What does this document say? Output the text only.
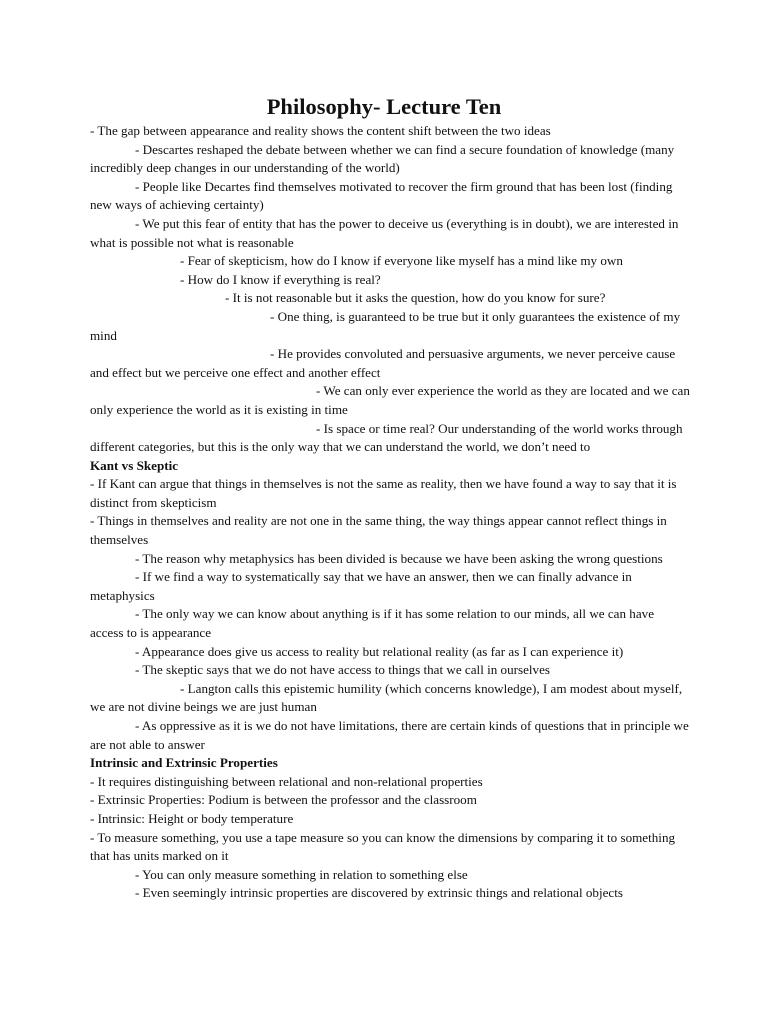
Philosophy- Lecture Ten

- The gap between appearance and reality shows the content shift between the two ideas

- Descartes reshaped the debate between whether we can find a secure foundation of knowledge (many incredibly deep changes in our understanding of the world)

- People like Decartes find themselves motivated to recover the firm ground that has been lost (finding new ways of achieving certainty)

- We put this fear of entity that has the power to deceive us (everything is in doubt), we are interested in what is possible not what is reasonable

- Fear of skepticism, how do I know if everyone like myself has a mind like my own

- How do I know if everything is real?

- It is not reasonable but it asks the question, how do you know for sure?

- One thing, is guaranteed to be true but it only guarantees the existence of my mind

- He provides convoluted and persuasive arguments, we never perceive cause and effect but we perceive one effect and another effect

- We can only ever experience the world as they are located and we can only experience the world as it is existing in time

- Is space or time real? Our understanding of the world works through different categories, but this is the only way that we can understand the world, we don’t need to

Kant vs Skeptic

- If Kant can argue that things in themselves is not the same as reality, then we have found a way to say that it is distinct from skepticism

- Things in themselves and reality are not one in the same thing, the way things appear cannot reflect things in themselves

- The reason why metaphysics has been divided is because we have been asking the wrong questions

- If we find a way to systematically say that we have an answer, then we can finally advance in metaphysics

- The only way we can know about anything is if it has some relation to our minds, all we can have access to is appearance

- Appearance does give us access to reality but relational reality (as far as I can experience it)

- The skeptic says that we do not have access to things that we call in ourselves

- Langton calls this epistemic humility (which concerns knowledge), I am modest about myself, we are not divine beings we are just human

- As oppressive as it is we do not have limitations, there are certain kinds of questions that in principle we are not able to answer

Intrinsic and Extrinsic Properties

- It requires distinguishing between relational and non-relational properties

- Extrinsic Properties: Podium is between the professor and the classroom

- Intrinsic: Height or body temperature

- To measure something, you use a tape measure so you can know the dimensions by comparing it to something that has units marked on it

- You can only measure something in relation to something else

- Even seemingly intrinsic properties are discovered by extrinsic things and relational objects
